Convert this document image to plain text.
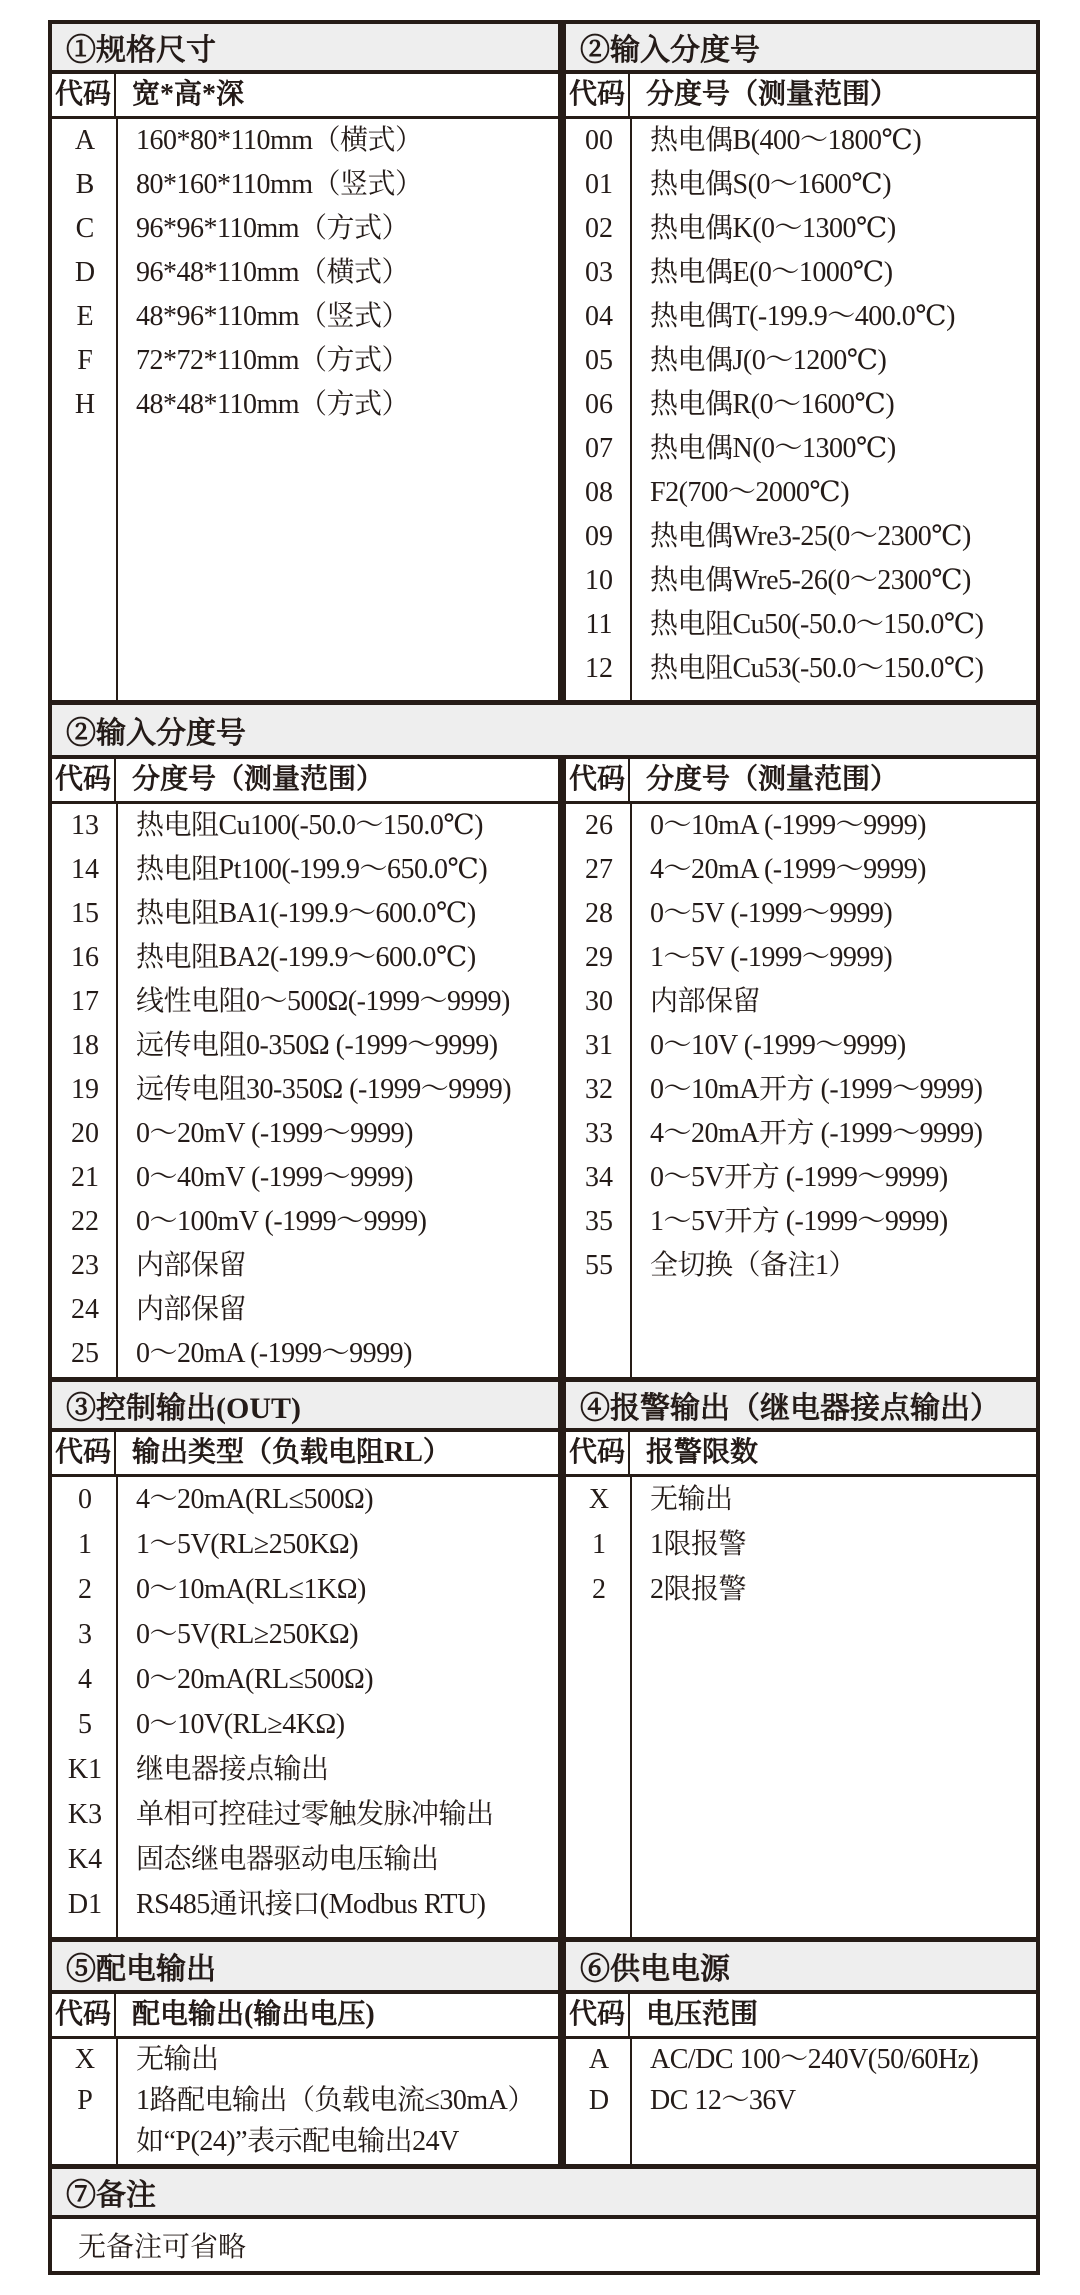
①规格尺寸
代码 宽*高*深
A	160*80*110mm（横式）
B	80*160*110mm（竖式）
C	96*96*110mm（方式）
D	96*48*110mm（横式）
E	48*96*110mm（竖式）
F	72*72*110mm（方式）
H	48*48*110mm（方式）
②输入分度号
代码 分度号（测量范围）
00	热电偶B(400～1800℃)
01	热电偶S(0～1600℃)
02	热电偶K(0～1300℃)
03	热电偶E(0～1000℃)
04	热电偶T(-199.9～400.0℃)
05	热电偶J(0～1200℃)
06	热电偶R(0～1600℃)
07	热电偶N(0～1300℃)
08	F2(700～2000℃)
09	热电偶Wre3-25(0～2300℃)
10	热电偶Wre5-26(0～2300℃)
11	热电阻Cu50(-50.0～150.0℃)
12	热电阻Cu53(-50.0～150.0℃)
②输入分度号
代码 分度号（测量范围）
13	热电阻Cu100(-50.0～150.0℃)
14	热电阻Pt100(-199.9～650.0℃)
15	热电阻BA1(-199.9～600.0℃)
16	热电阻BA2(-199.9～600.0℃)
17	线性电阻0～500Ω(-1999～9999)
18	远传电阻0-350Ω (-1999～9999)
19	远传电阻30-350Ω (-1999～9999)
20	0～20mV (-1999～9999)
21	0～40mV (-1999～9999)
22	0～100mV (-1999～9999)
23	内部保留
24	内部保留
25	0～20mA (-1999～9999)
代码 分度号（测量范围）
26	0～10mA (-1999～9999)
27	4～20mA (-1999～9999)
28	0～5V (-1999～9999)
29	1～5V (-1999～9999)
30	内部保留
31	0～10V (-1999～9999)
32	0～10mA开方 (-1999～9999)
33	4～20mA开方 (-1999～9999)
34	0～5V开方 (-1999～9999)
35	1～5V开方 (-1999～9999)
55	全切换（备注1）
③控制输出(OUT)
代码 输出类型（负载电阻RL）
0	4～20mA(RL≤500Ω)
1	1～5V(RL≥250KΩ)
2	0～10mA(RL≤1KΩ)
3	0～5V(RL≥250KΩ)
4	0～20mA(RL≤500Ω)
5	0～10V(RL≥4KΩ)
K1	继电器接点输出
K3	单相可控硅过零触发脉冲输出
K4	固态继电器驱动电压输出
D1	RS485通讯接口(Modbus RTU)
④报警输出（继电器接点输出）
代码 报警限数
X	无输出
1	1限报警
2	2限报警
⑤配电输出
代码 配电输出(输出电压)
X	无输出
P	1路配电输出（负载电流≤30mA）
如“P(24)”表示配电输出24V
⑥供电电源
代码 电压范围
A	AC/DC 100～240V(50/60Hz)
D	DC 12～36V
⑦备注
无备注可省略
